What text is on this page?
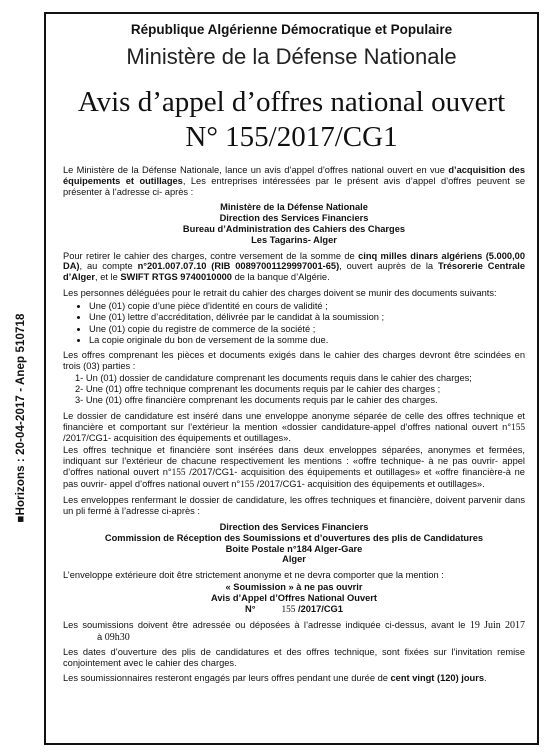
■Horizons : 20-04-2017 - Anep 510718
République Algérienne Démocratique et Populaire
Ministère de la Défense Nationale
Avis d’appel d’offres national ouvert
N° 155/2017/CG1

Le Ministère de la Défense Nationale, lance un avis d’appel d’offres national ouvert en vue d’acquisition des équipements et outillages, Les entreprises intéressées par le présent avis d’appel d’offres peuvent se présenter à l’adresse ci- après :

Ministère de la Défense Nationale
Direction des Services Financiers
Bureau d’Administration des Cahiers des Charges
Les Tagarins- Alger

Pour retirer le cahier des charges, contre versement de la somme de cinq milles dinars algériens (5.000,00 DA), au compte n°201.007.07.10 (RIB 00897001129997001-65), ouvert auprès de la Trésorerie Centrale d’Alger, et le SWIFT RTGS 9740010000 de la banque d’Algérie.

Les personnes déléguées pour le retrait du cahier des charges doivent se munir des documents suivants:

• Une (01) copie d’une pièce d’identité en cours de validité ;
• Une (01) lettre d’accréditation, délivrée par le candidat à la soumission ;
• Une (01) copie du registre de commerce de la société ;
• La copie originale du bon de versement de la somme due.

Les offres comprenant les pièces et documents exigés dans le cahier des charges devront être scindées en trois (03) parties :

1- Un (01) dossier de candidature comprenant les documents requis dans le cahier des charges;
2- Une (01) offre technique comprenant les documents requis par le cahier des charges ;
3- Une (01) offre financière comprenant les documents requis par le cahier des charges.

Le dossier de candidature est inséré dans une enveloppe anonyme séparée de celle des offres technique et financière et comportant sur l’extérieur la mention «dossier candidature-appel d’offres national ouvert n°155 /2017/CG1- acquisition des équipements et outillages».

Les offres technique et financière sont insérées dans deux enveloppes séparées, anonymes et fermées, indiquant sur l’extérieur de chacune respectivement les mentions : «offre technique- à ne pas ouvrir- appel d’offres national ouvert n°155 /2017/CG1- acquisition des équipements et outillages» et «offre financière-à ne pas ouvrir- appel d’offres national ouvert n°155 /2017/CG1- acquisition des équipements et outillages».

Les enveloppes renfermant le dossier de candidature, les offres techniques et financière, doivent parvenir dans un pli fermé à l’adresse ci-après :

Direction des Services Financiers
Commission de Réception des Soumissions et d’ouvertures des plis de Candidatures
Boite Postale n°184 Alger-Gare
Alger

L’enveloppe extérieure doit être strictement anonyme et ne devra comporter que la mention :

« Soumission » à ne pas ouvrir
Avis d’Appel d’Offres National Ouvert
N°	155 /2017/CG1

Les soumissions doivent être adressée ou déposées à l’adresse indiquée ci-dessus, avant le 19 Juin 2017à 09h30

Les dates d’ouverture des plis de candidatures et des offres technique, sont fixées sur l’invitation remise conjointement avec le cahier des charges.

Les soumissionnaires resteront engagés par leurs offres pendant une durée de cent vingt (120) jours.
